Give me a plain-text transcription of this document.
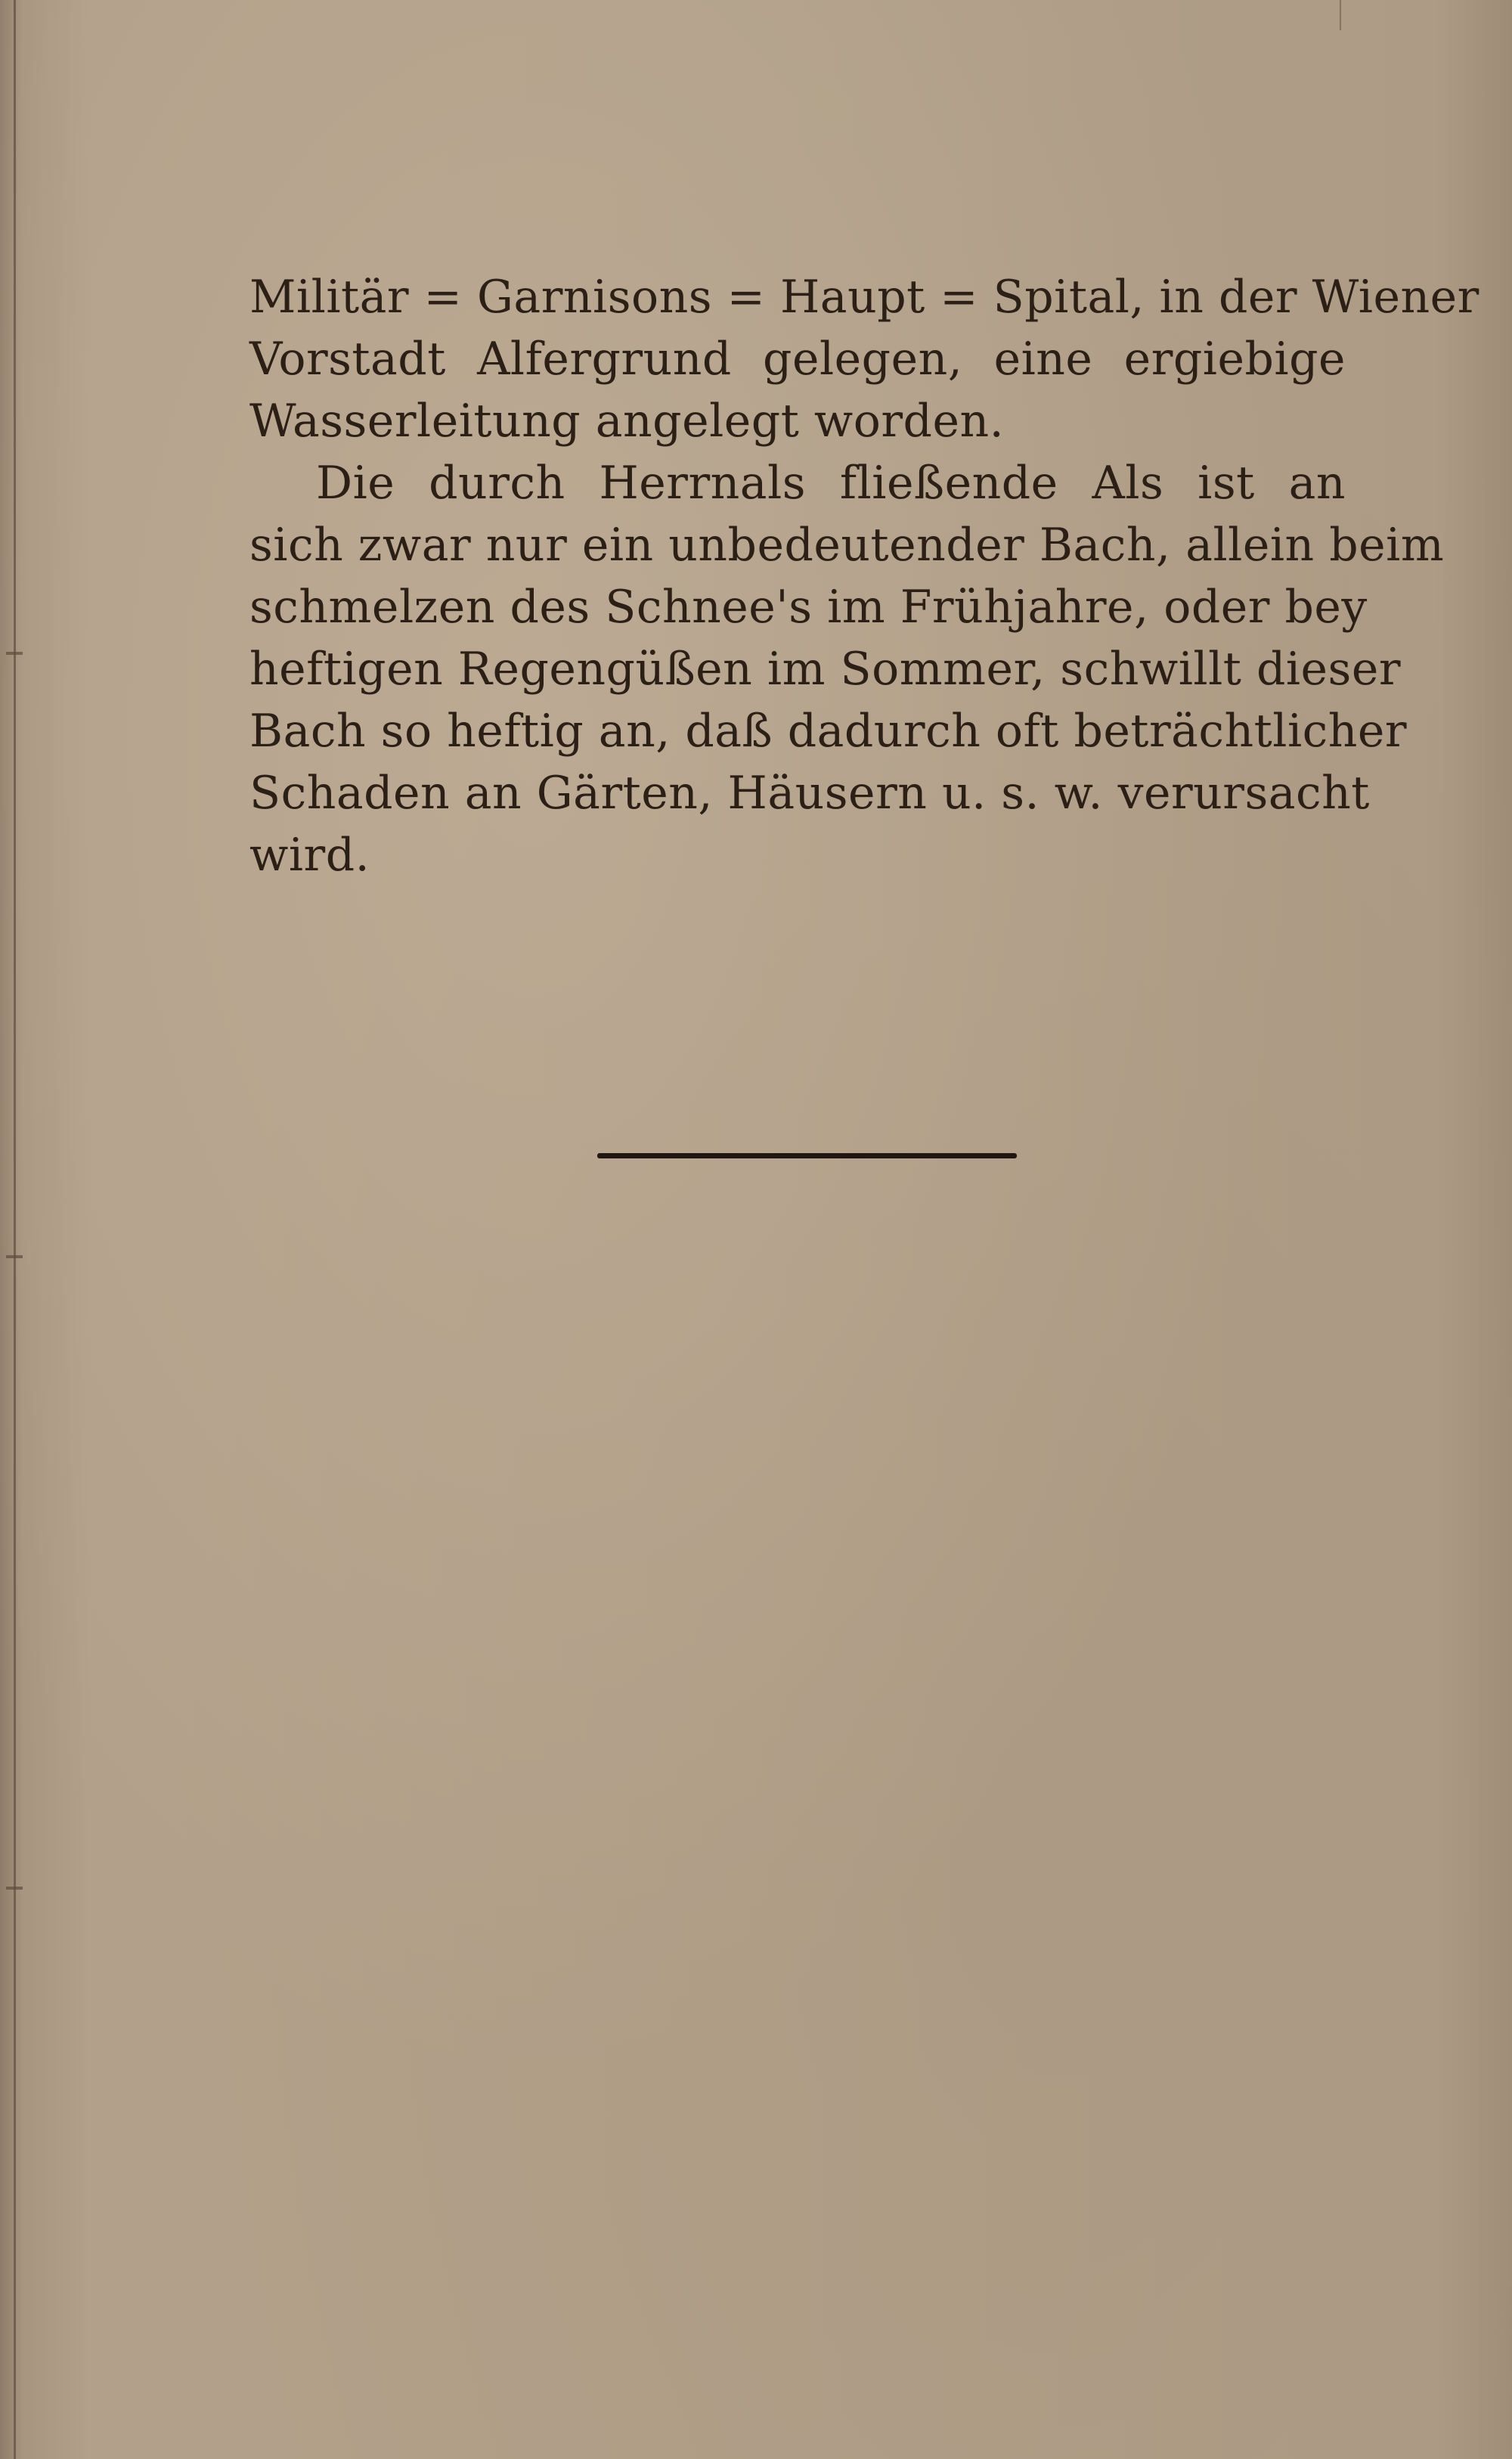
Militär = Garnisons = Haupt = Spital, in der Wiener
Vorstadt Alfergrund gelegen, eine ergiebige
Wasserleitung angelegt worden.
Die durch Herrnals fließende Als ist an
sich zwar nur ein unbedeutender Bach, allein beim
schmelzen des Schnee's im Frühjahre, oder bey
heftigen Regengüßen im Sommer, schwillt dieser
Bach so heftig an, daß dadurch oft beträchtlicher
Schaden an Gärten, Häusern u. s. w. verursacht
wird.
